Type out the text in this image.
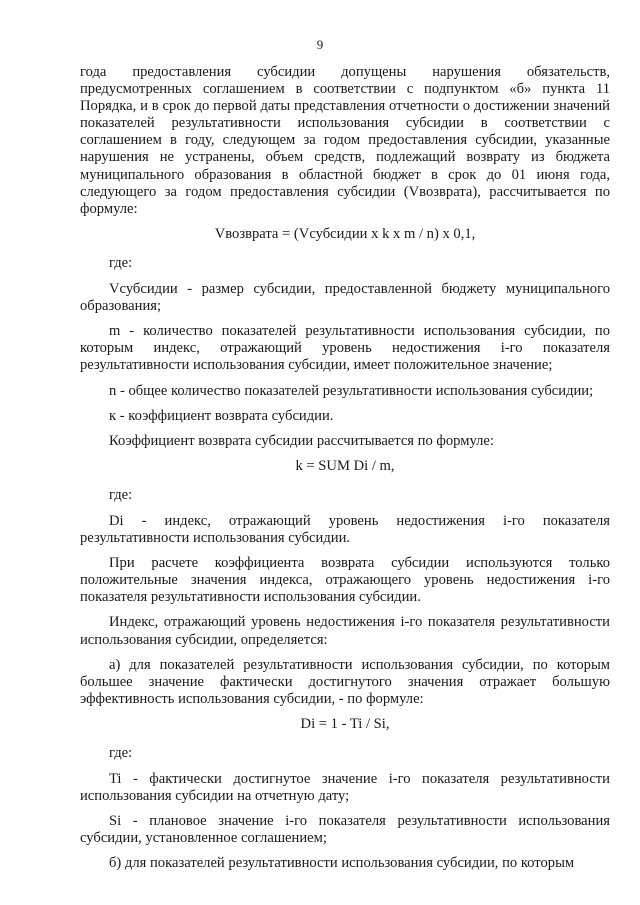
9

года предоставления субсидии допущены нарушения обязательств, предусмотренных соглашением в соответствии с подпунктом «б» пункта 11 Порядка, и в срок до первой даты представления отчетности о достижении значений показателей результативности использования субсидии в соответствии с соглашением в году, следующем за годом предоставления субсидии, указанные нарушения не устранены, объем средств, подлежащий возврату из бюджета муниципального образования в областной бюджет в срок до 01 июня года, следующего за годом предоставления субсидии (Vвозврата), рассчитывается по формуле:

Vвозврата = (Vсубсидии x k x m / n) x 0,1,

где:

Vсубсидии - размер субсидии, предоставленной бюджету муниципального образования;

m - количество показателей результативности использования субсидии, по которым индекс, отражающий уровень недостижения i-го показателя результативности использования субсидии, имеет положительное значение;

n - общее количество показателей результативности использования субсидии;

к - коэффициент возврата субсидии.

Коэффициент возврата субсидии рассчитывается по формуле:

k = SUM Di / m,

где:

Di - индекс, отражающий уровень недостижения i-го показателя результативности использования субсидии.

При расчете коэффициента возврата субсидии используются только положительные значения индекса, отражающего уровень недостижения i-го показателя результативности использования субсидии.

Индекс, отражающий уровень недостижения i-го показателя результативности использования субсидии, определяется:

а) для показателей результативности использования субсидии, по которым большее значение фактически достигнутого значения отражает большую эффективность использования субсидии, - по формуле:

Di = 1 - Ti / Si,

где:

Ti - фактически достигнутое значение i-го показателя результативности использования субсидии на отчетную дату;

Si - плановое значение i-го показателя результативности использования субсидии, установленное соглашением;

б) для показателей результативности использования субсидии, по которым
